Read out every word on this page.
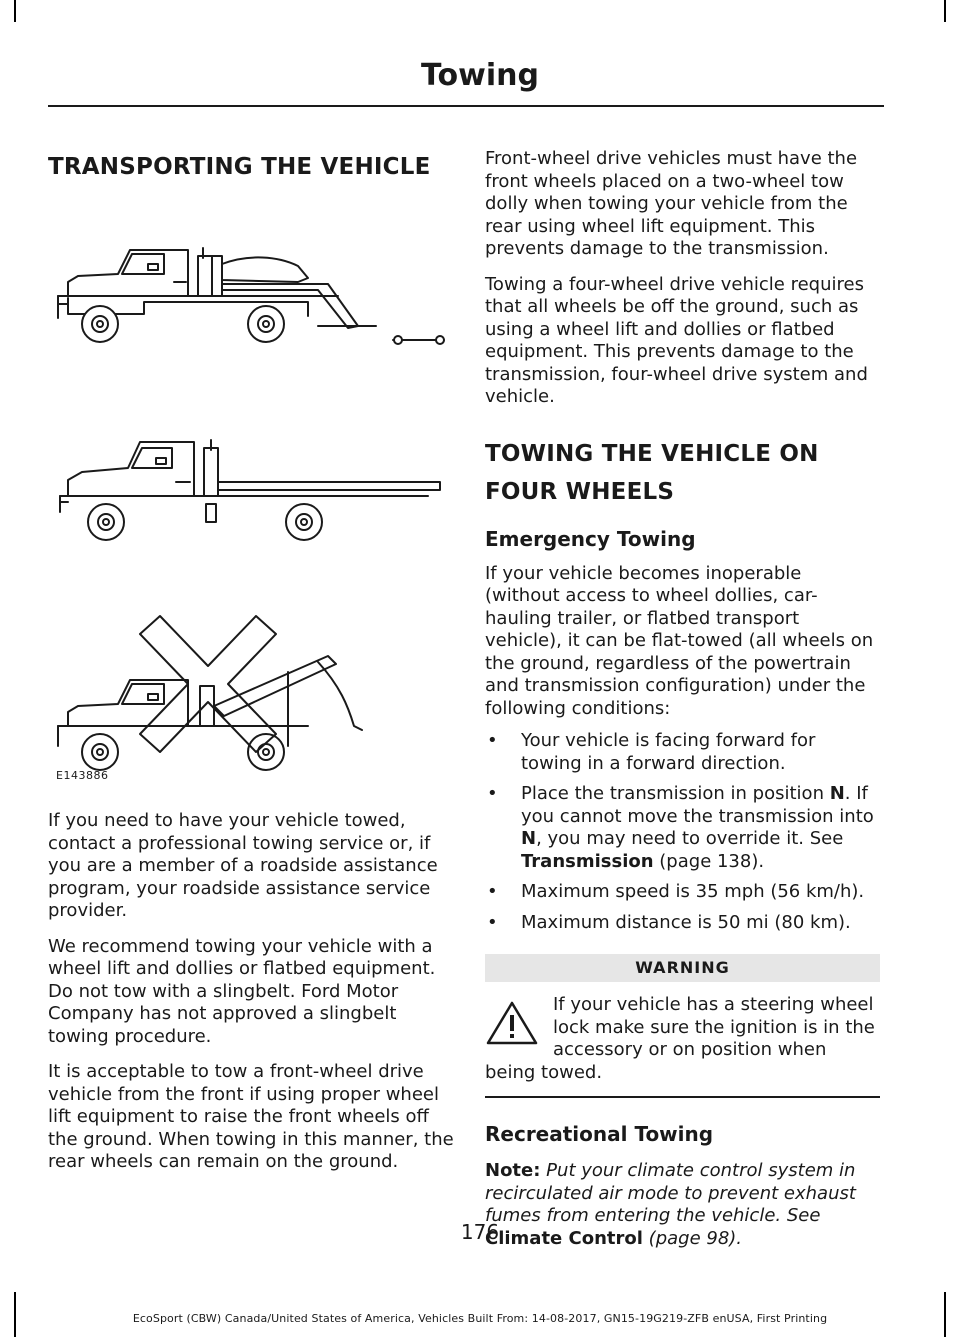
Towing
TRANSPORTING THE VEHICLE
E143886

If you need to have your vehicle towed, contact a professional towing service or, if you are a member of a roadside assistance program, your roadside assistance service provider.

We recommend towing your vehicle with a wheel lift and dollies or flatbed equipment. Do not tow with a slingbelt. Ford Motor Company has not approved a slingbelt towing procedure.

It is acceptable to tow a front-wheel drive vehicle from the front if using proper wheel lift equipment to raise the front wheels off the ground. When towing in this manner, the rear wheels can remain on the ground.

Front-wheel drive vehicles must have the front wheels placed on a two-wheel tow dolly when towing your vehicle from the rear using wheel lift equipment. This prevents damage to the transmission.

Towing a four-wheel drive vehicle requires that all wheels be off the ground, such as using a wheel lift and dollies or flatbed equipment. This prevents damage to the transmission, four-wheel drive system and vehicle.

TOWING THE VEHICLE ON
FOUR WHEELS
Emergency Towing

If your vehicle becomes inoperable (without access to wheel dollies, car-hauling trailer, or flatbed transport vehicle), it can be flat-towed (all wheels on the ground, regardless of the powertrain and transmission configuration) under the following conditions:

• Your vehicle is facing forward for towing in a forward direction.
• Place the transmission in position N. If you cannot move the transmission into N, you may need to override it. See Transmission (page 138).
• Maximum speed is 35 mph (56 km/h).
• Maximum distance is 50 mi (80 km).
WARNING
If your vehicle has a steering wheel lock make sure the ignition is in the accessory or on position when being towed.
Recreational Towing

Note: Put your climate control system in recirculated air mode to prevent exhaust fumes from entering the vehicle. See Climate Control (page 98).

176
EcoSport (CBW) Canada/United States of America, Vehicles Built From: 14-08-2017, GN15-19G219-ZFB enUSA, First Printing
